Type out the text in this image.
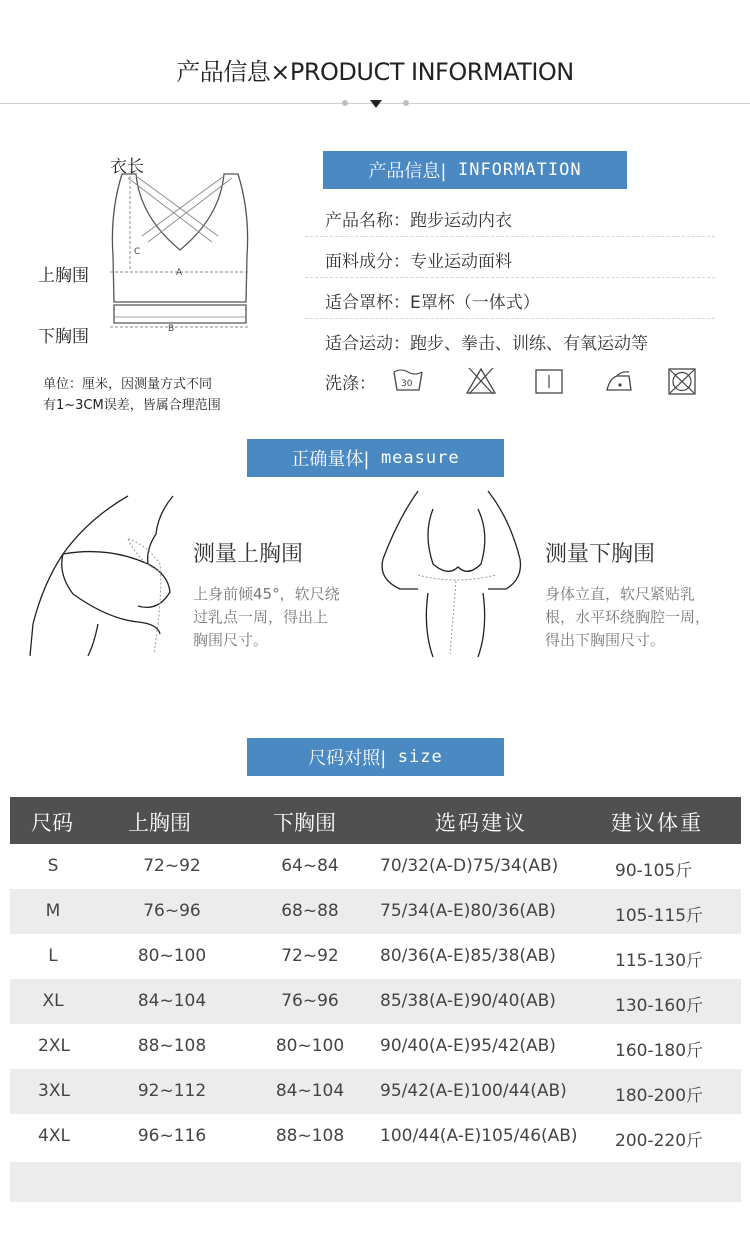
产品信息×PRODUCT INFORMATION
衣长
上胸围
下胸围
A
B
C
单位：厘米，因测量方式不同
有1~3CM误差，皆属合理范围
产品信息|
INFORMATION
产品名称：跑步运动内衣
面料成分：专业运动面料
适合罩杯：E罩杯（一体式）
适合运动：跑步、拳击、训练、有氧运动等
洗涤：	30
正确量体|
measure
测量上胸围
上身前倾45°，软尺绕
过乳点一周，得出上
胸围尺寸。
测量下胸围
身体立直，软尺紧贴乳
根，水平环绕胸腔一周，
得出下胸围尺寸。
尺码对照|
size
尺码	上胸围	下胸围	选码建议	建议体重
S	72~92	64~84	70/32(A-D)75/34(AB)	90-105斤
M	76~96	68~88	75/34(A-E)80/36(AB)	105-115斤
L	80~100	72~92	80/36(A-E)85/38(AB)	115-130斤
XL	84~104	76~96	85/38(A-E)90/40(AB)	130-160斤
2XL	88~108	80~100	90/40(A-E)95/42(AB)	160-180斤
3XL	92~112	84~104	95/42(A-E)100/44(AB)	180-200斤
4XL	96~116	88~108	100/44(A-E)105/46(AB) 200-220斤
